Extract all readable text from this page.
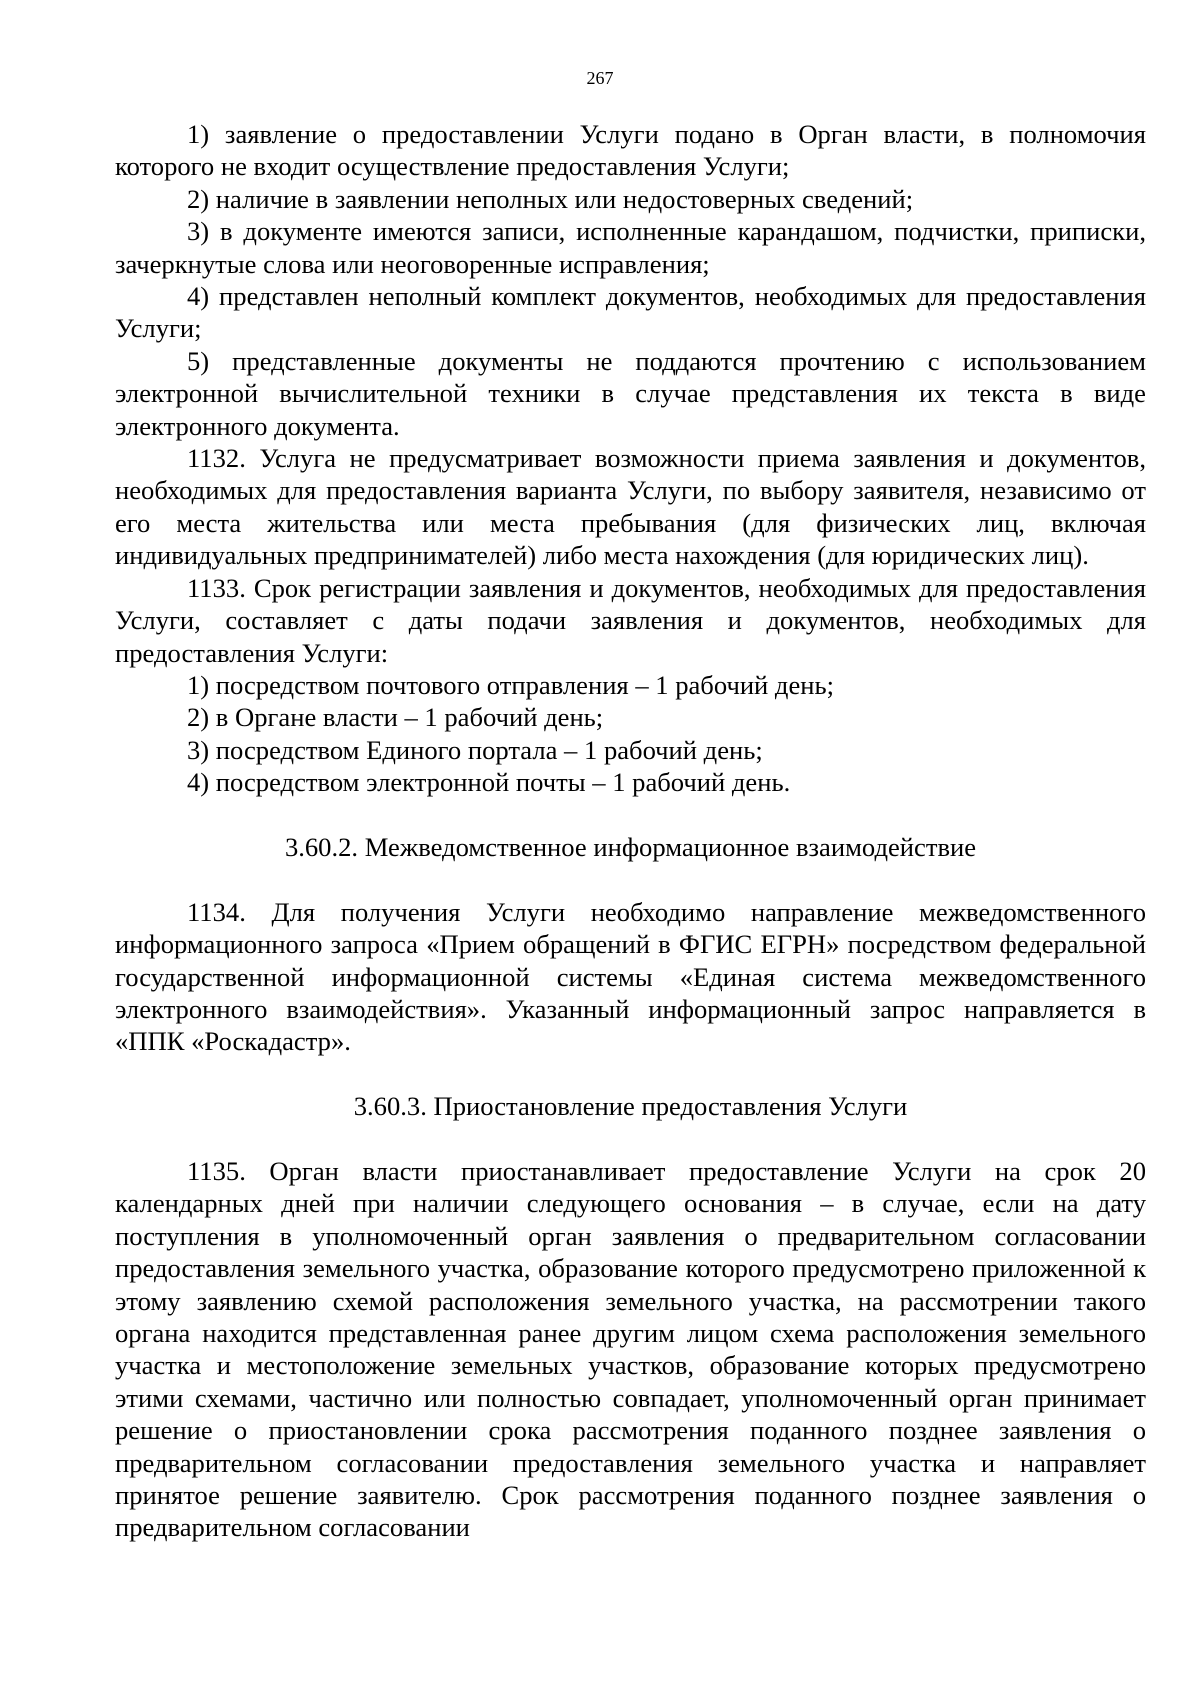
267

1) заявление о предоставлении Услуги подано в Орган власти, в полномочия которого не входит осуществление предоставления Услуги;

2) наличие в заявлении неполных или недостоверных сведений;

3) в документе имеются записи, исполненные карандашом, подчистки, приписки, зачеркнутые слова или неоговоренные исправления;

4) представлен неполный комплект документов, необходимых для предоставления Услуги;

5) представленные документы не поддаются прочтению с использованием электронной вычислительной техники в случае представления их текста в виде электронного документа.

1132. Услуга не предусматривает возможности приема заявления и документов, необходимых для предоставления варианта Услуги, по выбору заявителя, независимо от его места жительства или места пребывания (для физических лиц, включая индивидуальных предпринимателей) либо места нахождения (для юридических лиц).

1133. Срок регистрации заявления и документов, необходимых для предоставления Услуги, составляет с даты подачи заявления и документов, необходимых для предоставления Услуги:

1) посредством почтового отправления – 1 рабочий день;

2) в Органе власти – 1 рабочий день;

3) посредством Единого портала – 1 рабочий день;

4) посредством электронной почты – 1 рабочий день.

3.60.2. Межведомственное информационное взаимодействие

1134. Для получения Услуги необходимо направление межведомственного информационного запроса «Прием обращений в ФГИС ЕГРН» посредством федеральной государственной информационной системы «Единая система межведомственного электронного взаимодействия». Указанный информационный запрос направляется в «ППК «Роскадастр».

3.60.3. Приостановление предоставления Услуги

1135. Орган власти приостанавливает предоставление Услуги на срок 20 календарных дней при наличии следующего основания – в случае, если на дату поступления в уполномоченный орган заявления о предварительном согласовании предоставления земельного участка, образование которого предусмотрено приложенной к этому заявлению схемой расположения земельного участка, на рассмотрении такого органа находится представленная ранее другим лицом схема расположения земельного участка и местоположение земельных участков, образование которых предусмотрено этими схемами, частично или полностью совпадает, уполномоченный орган принимает решение о приостановлении срока рассмотрения поданного позднее заявления о предварительном согласовании предоставления земельного участка и направляет принятое решение заявителю. Срок рассмотрения поданного позднее заявления о предварительном согласовании
